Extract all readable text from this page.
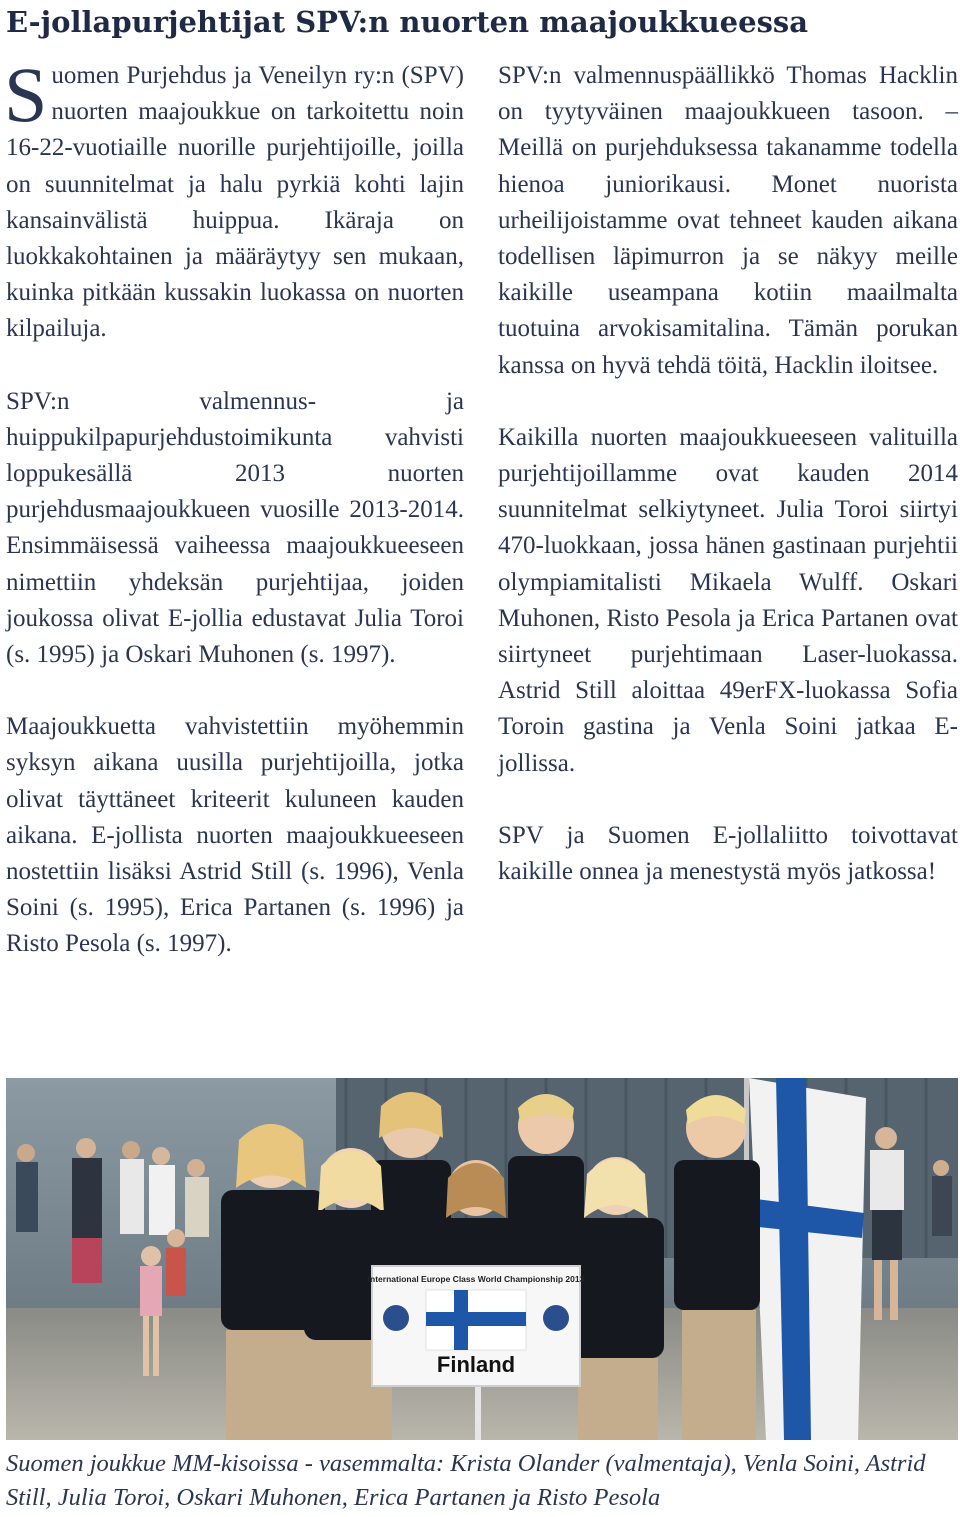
E-jollapurjehtijat SPV:n nuorten maajoukkueessa

Suomen Purjehdus ja Veneilyn ry:n (SPV) nuorten maajoukkue on tarkoitettu noin 16-22-vuotiaille nuorille purjehtijoille, joilla on suunnitelmat ja halu pyrkiä kohti lajin kansainvälistä huippua. Ikäraja on luokkakohtainen ja määräytyy sen mukaan, kuinka pitkään kussakin luokassa on nuorten kilpailuja.

SPV:n valmennus- ja huippukilpapurjehdustoimikunta vahvisti loppukesällä 2013 nuorten purjehdusmaajoukkueen vuosille 2013-2014. Ensimmäisessä vaiheessa maajoukkueeseen nimettiin yhdeksän purjehtijaa, joiden joukossa olivat E-jollia edustavat Julia Toroi (s. 1995) ja Oskari Muhonen (s. 1997).

Maajoukkuetta vahvistettiin myöhemmin syksyn aikana uusilla purjehtijoilla, jotka olivat täyttäneet kriteerit kuluneen kauden aikana. E-jollista nuorten maajoukkueeseen nostettiin lisäksi Astrid Still (s. 1996), Venla Soini (s. 1995), Erica Partanen (s. 1996) ja Risto Pesola (s. 1997).

SPV:n valmennuspäällikkö Thomas Hacklin on tyytyväinen maajoukkueen tasoon. – Meillä on purjehduksessa takanamme todella hienoa juniorikausi. Monet nuorista urheilijoistamme ovat tehneet kauden aikana todellisen läpimurron ja se näkyy meille kaikille useampana kotiin maailmalta tuotuina arvokisamitalina. Tämän porukan kanssa on hyvä tehdä töitä, Hacklin iloitsee.

Kaikilla nuorten maajoukkueeseen valituilla purjehtijoillamme ovat kauden 2014 suunnitelmat selkiytyneet. Julia Toroi siirtyi 470-luokkaan, jossa hänen gastinaan purjehtii olympiamitalisti Mikaela Wulff. Oskari Muhonen, Risto Pesola ja Erica Partanen ovat siirtyneet purjehtimaan Laser-luokassa. Astrid Still aloittaa 49erFX-luokassa Sofia Toroin gastina ja Venla Soini jatkaa E-jollissa.

SPV ja Suomen E-jollaliitto toivottavat kaikille onnea ja menestystä myös jatkossa!

International Europe Class World Championship 2013
Finland

Suomen joukkue MM-kisoissa - vasemmalta: Krista Olander (valmentaja), Venla Soini, Astrid Still, Julia Toroi, Oskari Muhonen, Erica Partanen ja Risto Pesola
